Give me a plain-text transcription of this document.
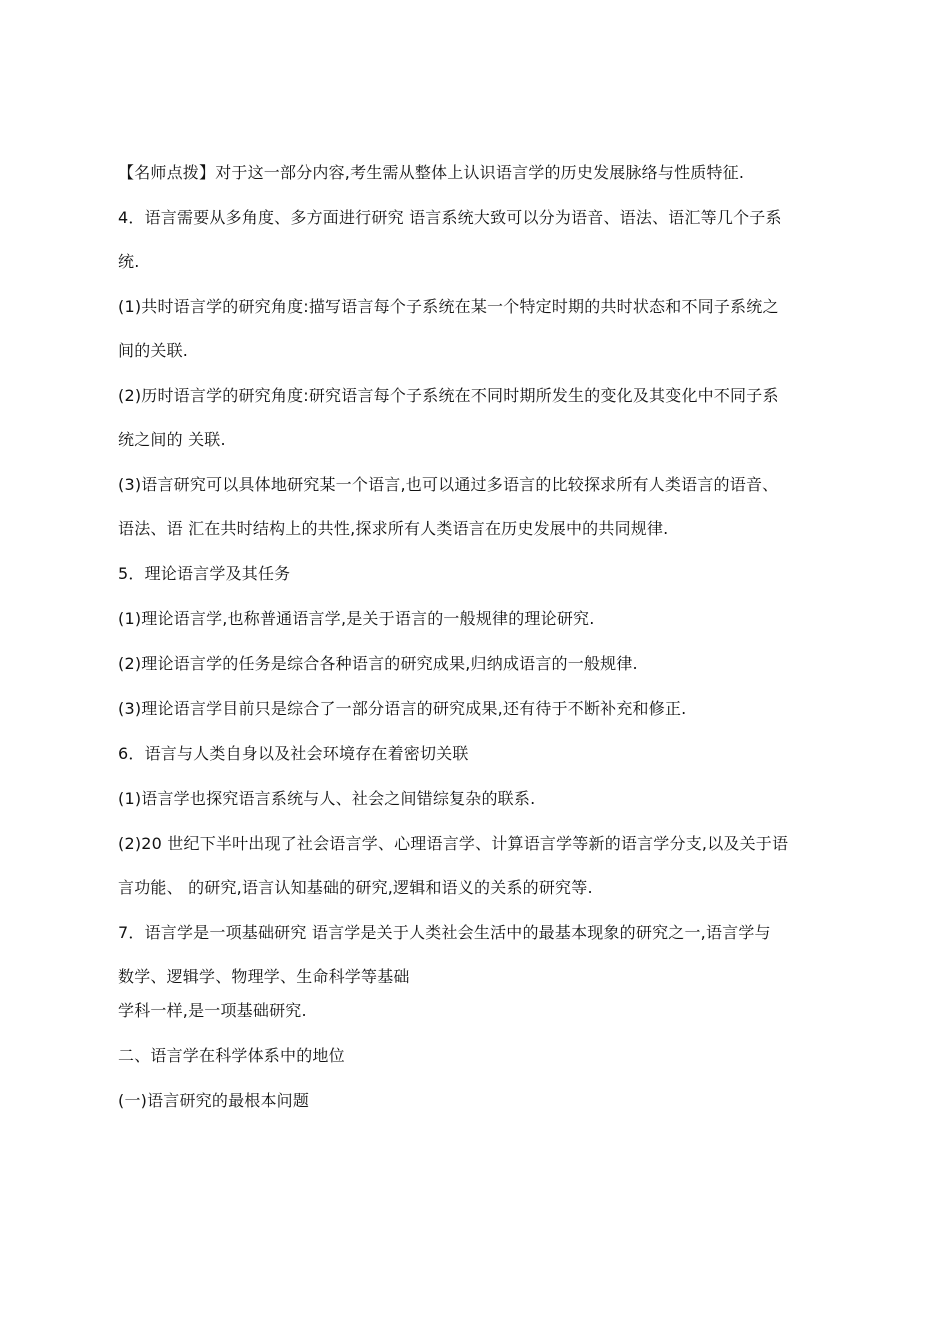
【名师点拨】对于这一部分内容,考生需从整体上认识语言学的历史发展脉络与性质特征.
4．语言需要从多角度、多方面进行研究 语言系统大致可以分为语音、语法、语汇等几个子系
统.
(1)共时语言学的研究角度:描写语言每个子系统在某一个特定时期的共时状态和不同子系统之
间的关联.
(2)历时语言学的研究角度:研究语言每个子系统在不同时期所发生的变化及其变化中不同子系
统之间的 关联.
(3)语言研究可以具体地研究某一个语言,也可以通过多语言的比较探求所有人类语言的语音、
语法、语 汇在共时结构上的共性,探求所有人类语言在历史发展中的共同规律.
5．理论语言学及其任务
(1)理论语言学,也称普通语言学,是关于语言的一般规律的理论研究.
(2)理论语言学的任务是综合各种语言的研究成果,归纳成语言的一般规律.
(3)理论语言学目前只是综合了一部分语言的研究成果,还有待于不断补充和修正.
6．语言与人类自身以及社会环境存在着密切关联
(1)语言学也探究语言系统与人、社会之间错综复杂的联系.
(2)20 世纪下半叶出现了社会语言学、心理语言学、计算语言学等新的语言学分支,以及关于语
言功能、 的研究,语言认知基础的研究,逻辑和语义的关系的研究等.
7．语言学是一项基础研究 语言学是关于人类社会生活中的最基本现象的研究之一,语言学与
数学、逻辑学、物理学、生命科学等基础
学科一样,是一项基础研究.
二、语言学在科学体系中的地位
(一)语言研究的最根本问题
